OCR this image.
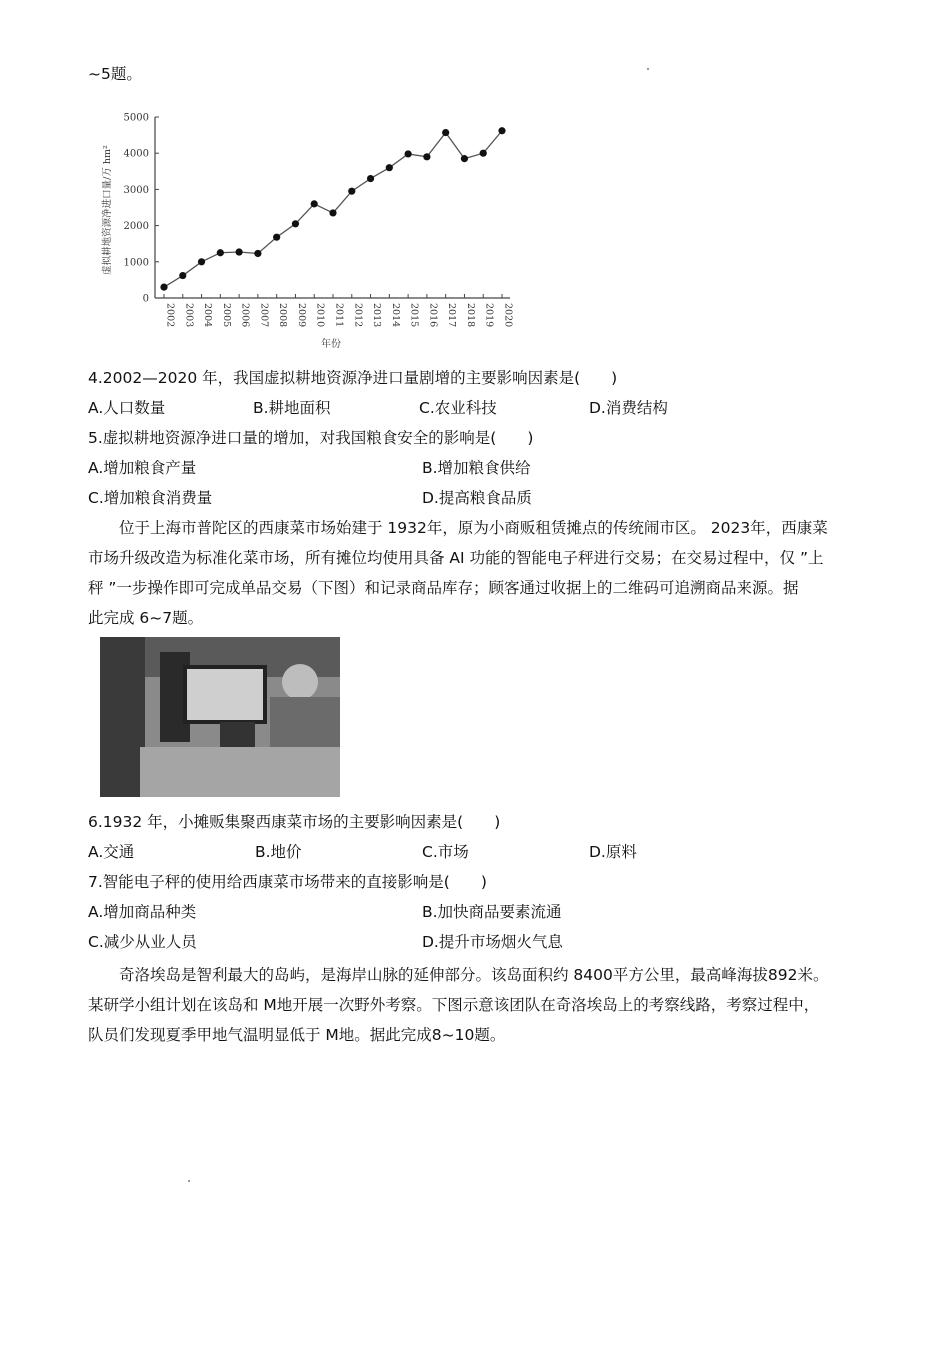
~5题。
0
1000
2000
3000
4000
5000
2002 2003 2004 2005 2006 2007 2008 2009 2010 2011 2012 2013 2014 2015 2016 2017 2018 2019 2020
年份
虚拟耕地资源净进口量/万 hm²
4.2002—2020 年，我国虚拟耕地资源净进口量剧增的主要影响因素是(　　)
A.人口数量	B.耕地面积	C.农业科技	D.消费结构
5.虚拟耕地资源净进口量的增加，对我国粮食安全的影响是(　　)
A.增加粮食产量	B.增加粮食供给
C.增加粮食消费量	D.提高粮食品质
　　位于上海市普陀区的西康菜市场始建于 1932年，原为小商贩租赁摊点的传统闹市区。 2023年，西康菜
市场升级改造为标准化菜市场，所有摊位均使用具备 AI 功能的智能电子秤进行交易；在交易过程中，仅 ”上
秤 ”一步操作即可完成单品交易（下图）和记录商品库存；顾客通过收据上的二维码可追溯商品来源。据
此完成 6~7题。
6.1932 年，小摊贩集聚西康菜市场的主要影响因素是(　　)
A.交通	B.地价	C.市场	D.原料
7.智能电子秤的使用给西康菜市场带来的直接影响是(　　)
A.增加商品种类	B.加快商品要素流通
C.减少从业人员	D.提升市场烟火气息
　　奇洛埃岛是智利最大的岛屿，是海岸山脉的延伸部分。该岛面积约 8400平方公里，最高峰海拔892米。
某研学小组计划在该岛和 M地开展一次野外考察。下图示意该团队在奇洛埃岛上的考察线路，考察过程中，
队员们发现夏季甲地气温明显低于 M地。据此完成8~10题。
